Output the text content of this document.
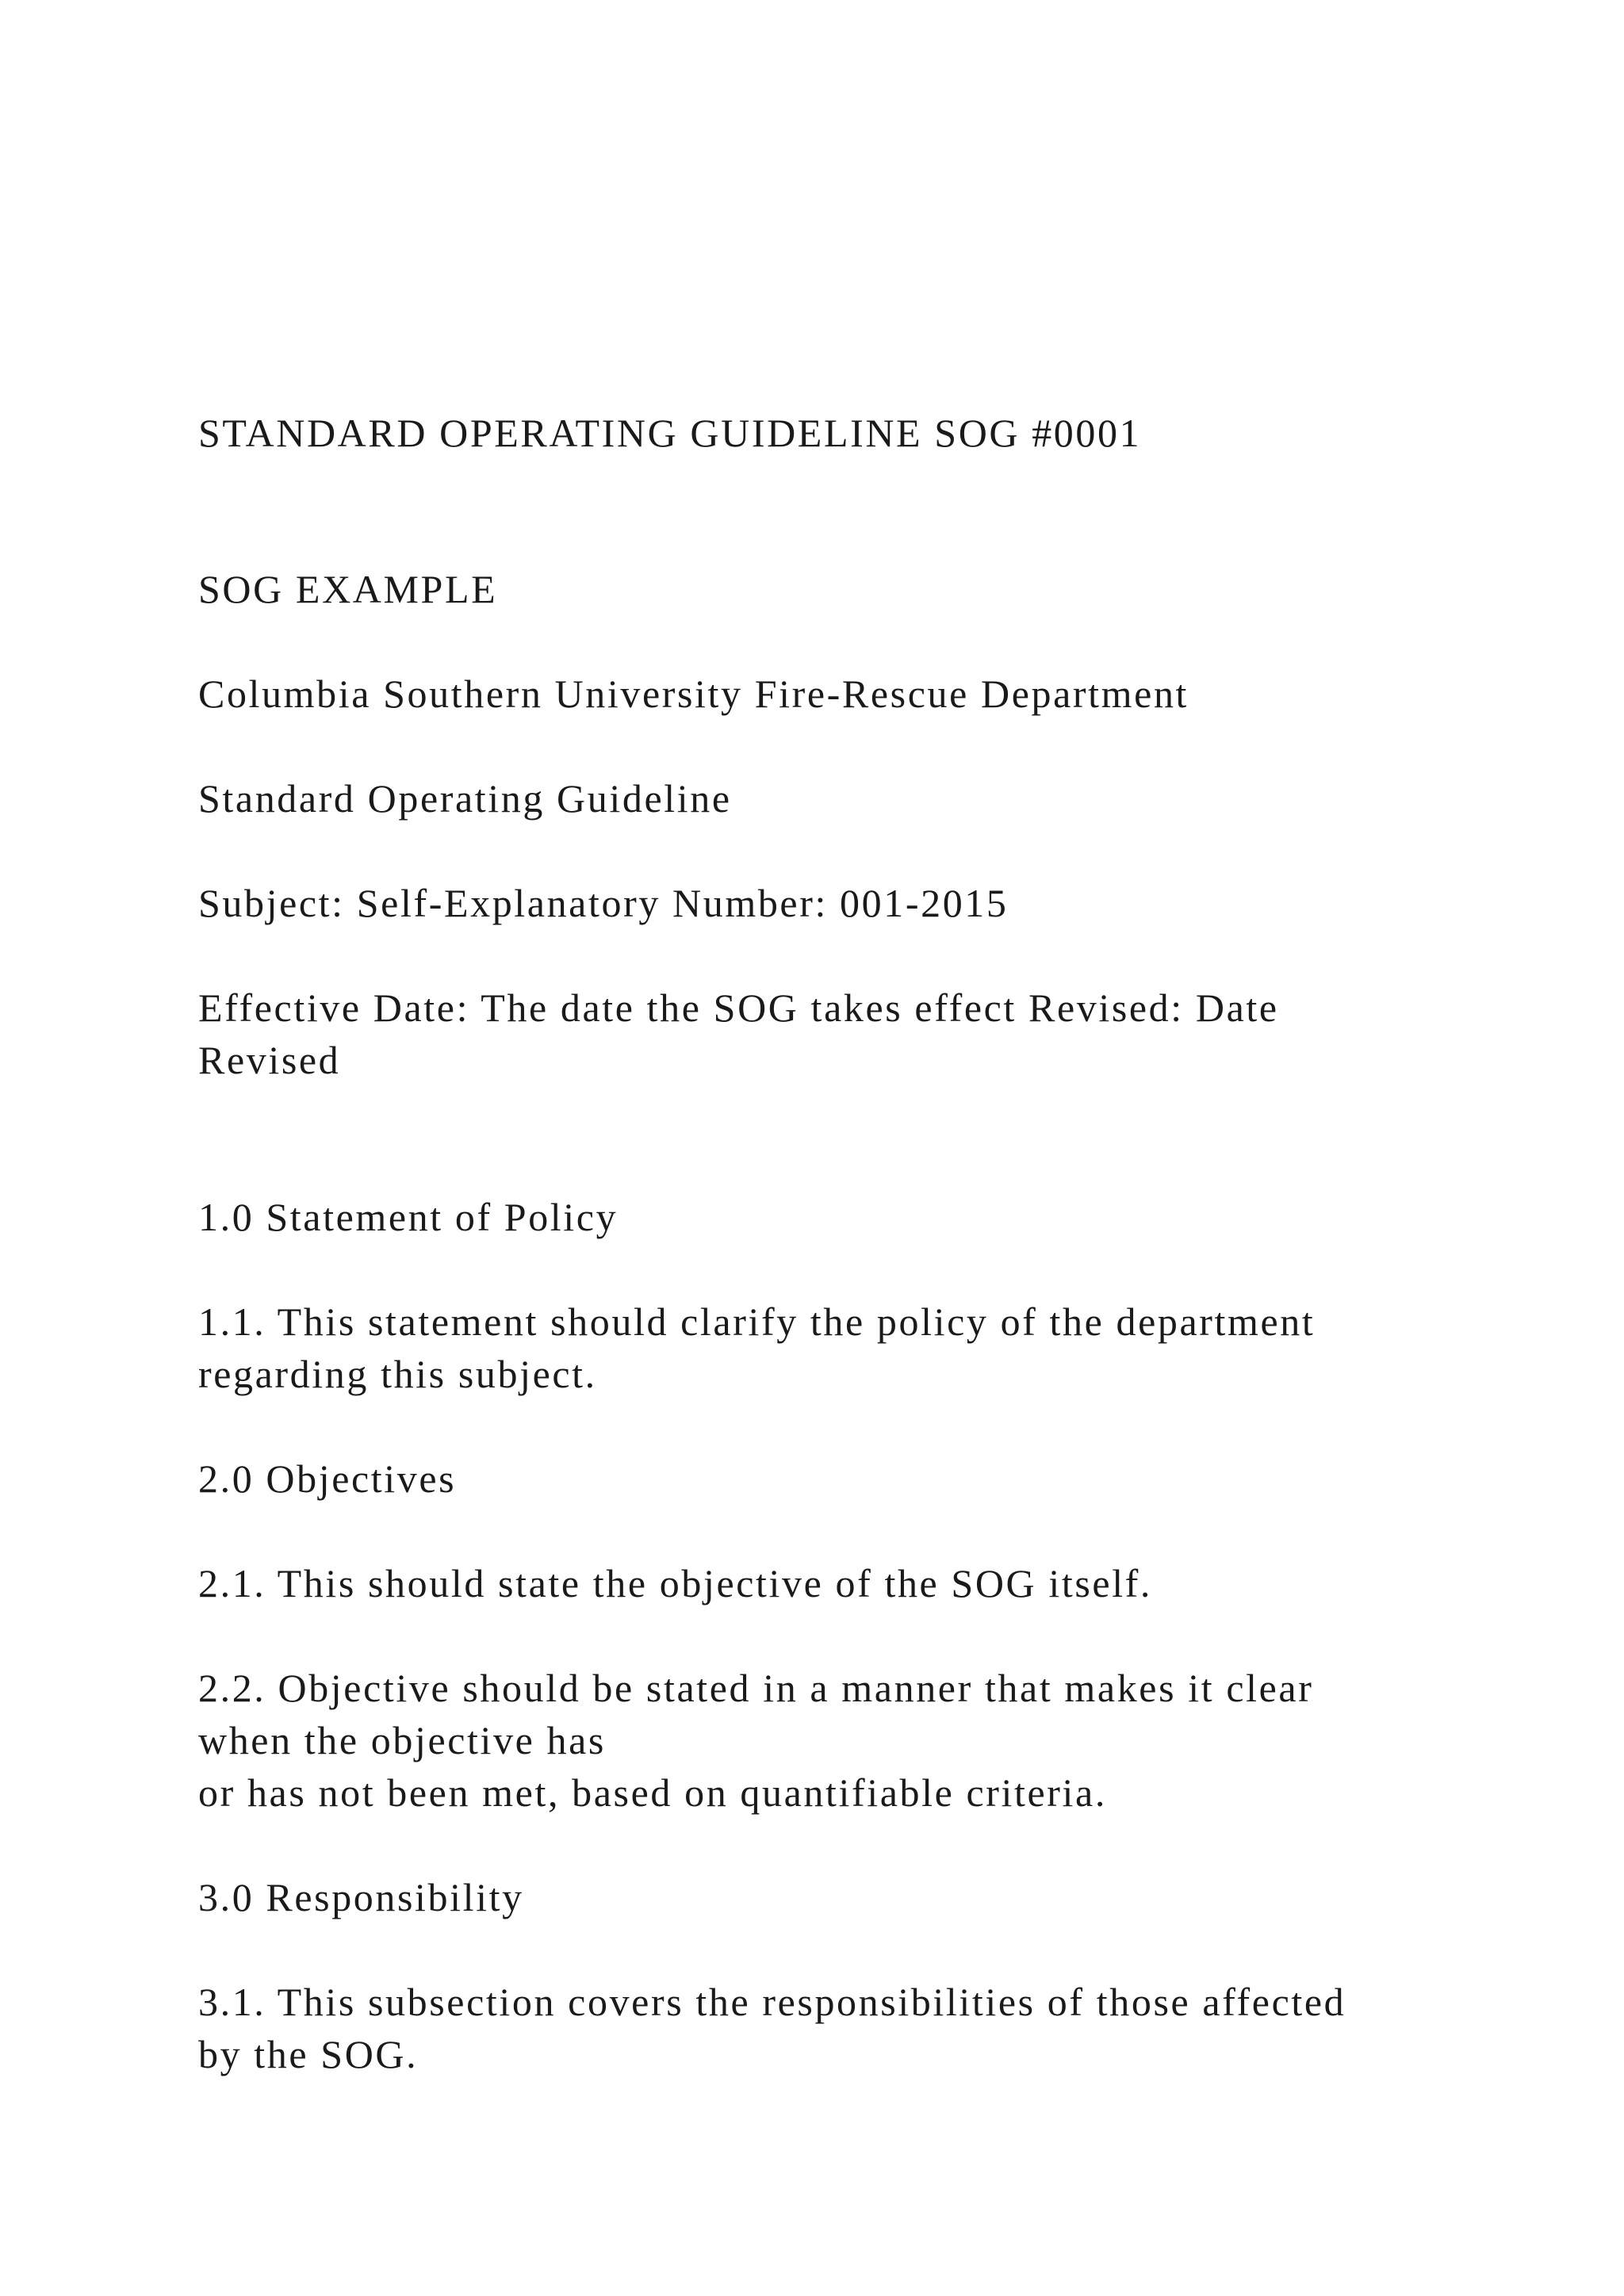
STANDARD OPERATING GUIDELINE SOG #0001

SOG EXAMPLE

Columbia Southern University Fire-Rescue Department

Standard Operating Guideline

Subject: Self-Explanatory Number: 001-2015

Effective Date: The date the SOG takes effect Revised: Date

Revised

1.0 Statement of Policy

1.1. This statement should clarify the policy of the department

regarding this subject.

2.0 Objectives

2.1. This should state the objective of the SOG itself.

2.2. Objective should be stated in a manner that makes it clear

when the objective has

or has not been met, based on quantifiable criteria.

3.0 Responsibility

3.1. This subsection covers the responsibilities of those affected

by the SOG.
